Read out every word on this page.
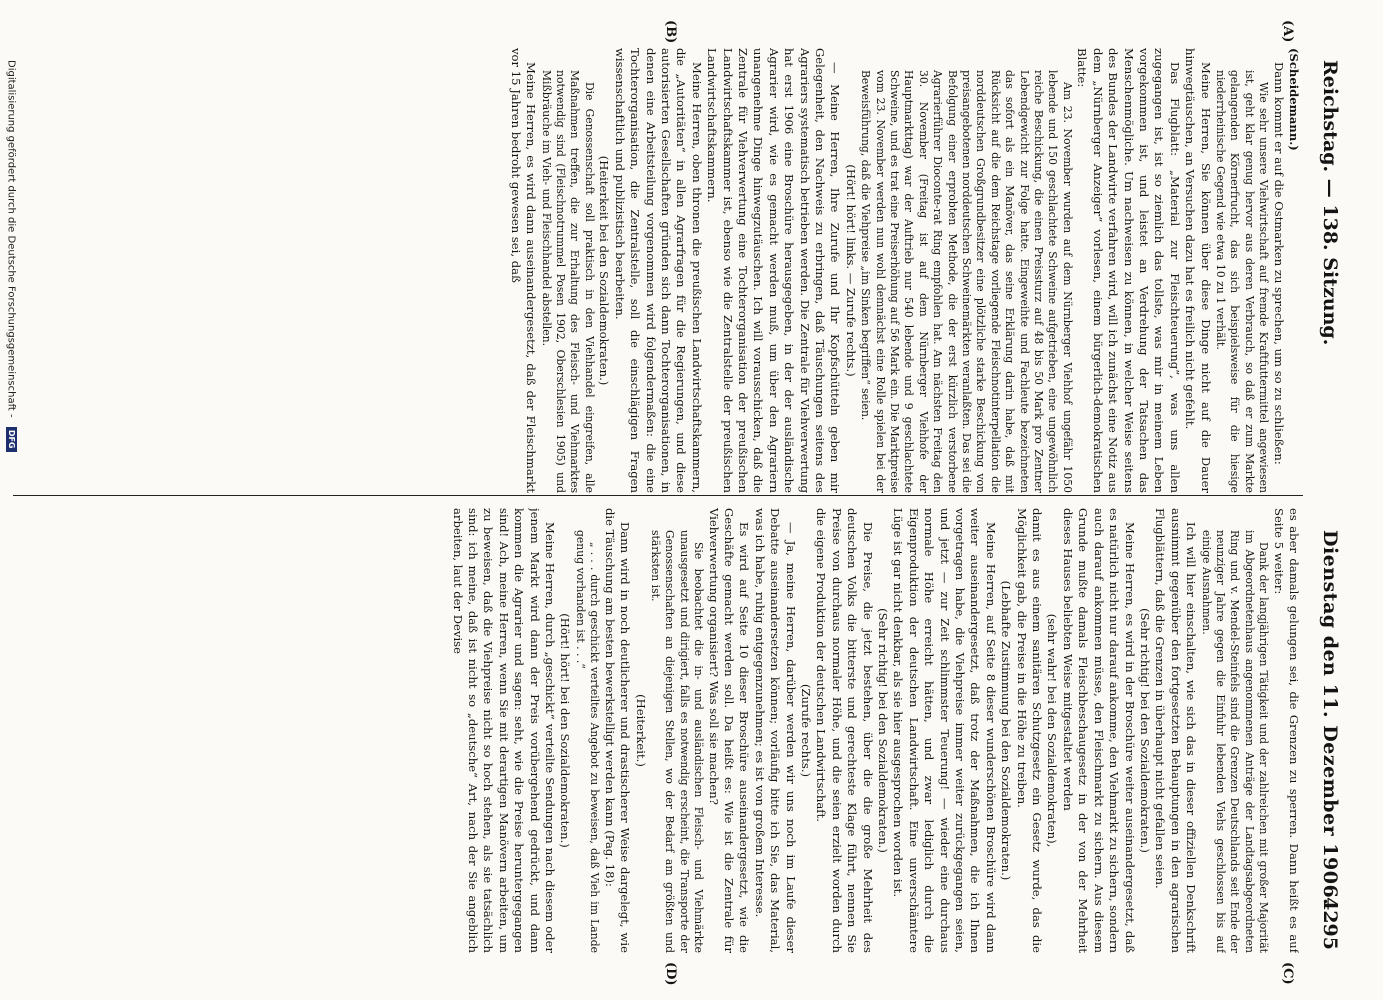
Reichstag. — 138. Sitzung.
Dienstag den 11. Dezember 1906.
4295
(A)
(B)
(C)
(D)

(Scheidemann.)

Dann kommt er auf die Ostmarken zu sprechen, um so zu schließen:

Wie sehr unsere Viehwirtschaft auf fremde Kraftfuttermittel angewiesen ist, geht klar genug hervor aus deren Verbrauch, so daß er zum Markte gelangenden Körnerfrucht, das sich beispielsweise für die hiesige niederrheinische Gegend wie etwa 10 zu 1 verhält.

Meine Herren, Sie können über diese Dinge nicht auf die Dauer hinwegtäuschen, an Versuchen dazu hat es freilich nicht gefehlt.

Das Flugblatt: „Material zur Fleischteuerung“, was uns allen zugegangen ist, ist so ziemlich das tollste, was mir in meinem Leben vorgekommen ist, und leistet an Verdrehung der Tatsachen das Menschenmögliche. Um nachweisen zu können, in welcher Weise seitens des Bundes der Landwirte verfahren wird, will ich zunächst eine Notiz aus dem „Nürnberger Anzeiger“ vorlesen, einem bürgerlich-demokratischen Blatte:

Am 23. November wurden auf dem Nürnberger Viehhof ungefähr 1050 lebende und 150 geschlachtete Schweine aufgetrieben, eine ungewöhnlich reiche Beschickung, die einen Preissturz auf 48 bis 50 Mark pro Zentner Lebendgewicht zur Folge hatte. Eingeweihte und Fachleute bezeichneten das sofort als ein Manöver, das seine Erklärung darin habe, daß mit Rücksicht auf die dem Reichstage vorliegende Fleischnotinterpellation die norddeutschen Großgrundbesitzer eine plötzliche starke Beschickung von preisangebotenen norddeutschen Schweinemärkten veranlaßten. Das sei die Befolgung einer erprobten Methode, die der erst kürzlich verstorbene Agrarierführer Dioconte-rat Ring empfohlen hat. Am nächsten Freitag den 30. November (Freitag ist auf dem Nürnberger Viehhofe der Hauptmarkttag) war der Auftrieb nur 540 lebende und 9 geschlachtete Schweine, und es trat eine Preiserhöhung auf 56 Mark ein. Die Marktpreise vom 23. November werden nun wohl demnächst eine Rolle spielen bei der Beweisführung, daß die Viehpreise „im Sinken begriffen“ seien.

(Hört! hört! links. — Zurufe rechts.)

— Meine Herren, Ihre Zurufe und Ihr Kopfschütteln geben mir Gelegenheit, den Nachweis zu erbringen, daß Täuschungen seitens des Agrariers systematisch betrieben werden. Die Zentrale für Viehverwertung hat erst 1906 eine Broschüre herausgegeben, in der der ausländische Agrarier wird, wie es gemacht werden muß, um über den Agrariern unangenehme Dinge hinwegzutäuschen. Ich will vorausschicken, daß die Zentrale für Viehverwertung eine Tochterorganisation der preußischen Landwirtschaftskammer ist, ebenso wie die Zentralstelle der preußischen Landwirtschaftskammern.

Meine Herren, oben thronen die preußischen Landwirtschaftskammern, die „Autoritäten“ in allen Agrarfragen für die Regierungen, und diese autorisierten Gesellschaften gründen sich dann Tochterorganisationen, in denen eine Arbeitsteilung vorgenommen wird folgendermaßen: die eine Tochterorganisation, die Zentralstelle, soll die einschlägigen Fragen wissenschaftlich und publizistisch bearbeiten.

(Heiterkeit bei den Sozialdemokraten.)

Die Genossenschaft soll praktisch in den Viehhandel eingreifen, alle Maßnahmen treffen, die zur Erhaltung des Fleisch- und Viehmarktes notwendig sind (Fleischnotrummel Posen 1902, Oberschlesien 1905) und Mißbräuche im Vieh- und Fleischhandel abstellen.

Meine Herren, es wird dann auseinandergesetzt, daß der Fleischmarkt vor 15 Jahren bedroht gewesen sei, daß

es aber damals gelungen sei, die Grenzen zu sperren. Dann heißt es auf Seite 5 weiter:

Dank der langjährigen Tätigkeit und der zahlreichen mit großer Majorität im Abgeordnetenhaus angenommenen Anträge der Landtagsabgeordneten Ring und v. Mendel-Steinfels sind die Grenzen Deutschlands seit Ende der neunziger Jahre gegen die Einfuhr lebenden Viehs geschlossen bis auf einige Ausnahmen.

Ich will hier einschalten, wie sich das in dieser offiziellen Denkschrift ausnimmt gegenüber den fortgesetzten Behauptungen in den agrarischen Flugblättern, daß die Grenzen in überhaupt nicht gefallen seien.

(Sehr richtig! bei den Sozialdemokraten.)

Meine Herren, es wird in der Broschüre weiter auseinandergesetzt, daß es natürlich nicht nur darauf ankomme, den Viehmarkt zu sichern, sondern auch darauf ankommen müsse, den Fleischmarkt zu sichern. Aus diesem Grunde mußte damals Fleischbeschaugesetz in der von der Mehrheit dieses Hauses beliebten Weise mitgestaltet werden

(sehr wahr! bei den Sozialdemokraten),

damit es aus einem sanitären Schutzgesetz ein Gesetz wurde, das die Möglichkeit gab, die Preise in die Höhe zu treiben.

(Lebhafte Zustimmung bei den Sozialdemokraten.)

Meine Herren, auf Seite 8 dieser wunderschönen Broschüre wird dann weiter auseinandergesetzt, daß trotz der Maßnahmen, die ich Ihnen vorgetragen habe, die Viehpreise immer weiter zurückgegangen seien, und jetzt — zur Zeit schlimmster Teuerung! — wieder eine durchaus normale Höhe erreicht hätten, und zwar lediglich durch die Eigenproduktion der deutschen Landwirtschaft. Eine unverschämtere Lüge ist gar nicht denkbar, als sie hier ausgesprochen worden ist.

(Sehr richtig! bei den Sozialdemokraten.)

Die Preise, die jetzt bestehen, über die die große Mehrheit des deutschen Volks die bitterste und gerechteste Klage führt, nennen Sie Preise von durchaus normaler Höhe, und die seien erzielt worden durch die eigene Produktion der deutschen Landwirtschaft.

(Zurufe rechts.)

— Ja, meine Herren, darüber werden wir uns noch im Laufe dieser Debatte auseinandersetzen können; vorläufig bitte ich Sie, das Material, was ich habe, ruhig entgegenzunehmen; es ist von großem Interesse.

Es wird auf Seite 10 dieser Broschüre auseinandergesetzt, wie die Geschäfte gemacht werden soll. Da heißt es: Wie ist die Zentrale für Viehverwertung organisiert? Was soll sie machen?

Sie beobachtet die in- und ausländischen Fleisch- und Viehmärkte unausgesetzt und dirigiert, falls es notwendig erscheint, die Transporte der Genossenschaften an diejenigen Stellen, wo der Bedarf am größten und stärksten ist.

(Heiterkeit.)

Dann wird in noch deutlicherer und drastischerer Weise dargelegt, wie die Täuschung am besten bewerkstelligt werden kann (Pag. 18):

„ . . . durch geschickt verteiltes Angebot zu beweisen, daß Vieh im Lande genug vorhanden ist . . .“

(Hört! hört! bei den Sozialdemokraten.)

Meine Herren, durch „geschickt“ verteilte Sendungen nach diesem oder jenem Markt wird dann der Preis vorübergehend gedrückt, und dann kommen die Agrarier und sagen: seht, wie die Preise heruntergegangen sind! Ach, meine Herren, wenn Sie mit derartigen Manövern arbeiten, um zu beweisen, daß die Viehpreise nicht so hoch stehen, als sie tatsächlich sind: ich meine, daß ist nicht so „deutsche“ Art, nach der Sie angeblich arbeiten, laut der Devise

Digitalisierung gefördert durch die Deutsche Forschungsgemeinschaft - DFG
